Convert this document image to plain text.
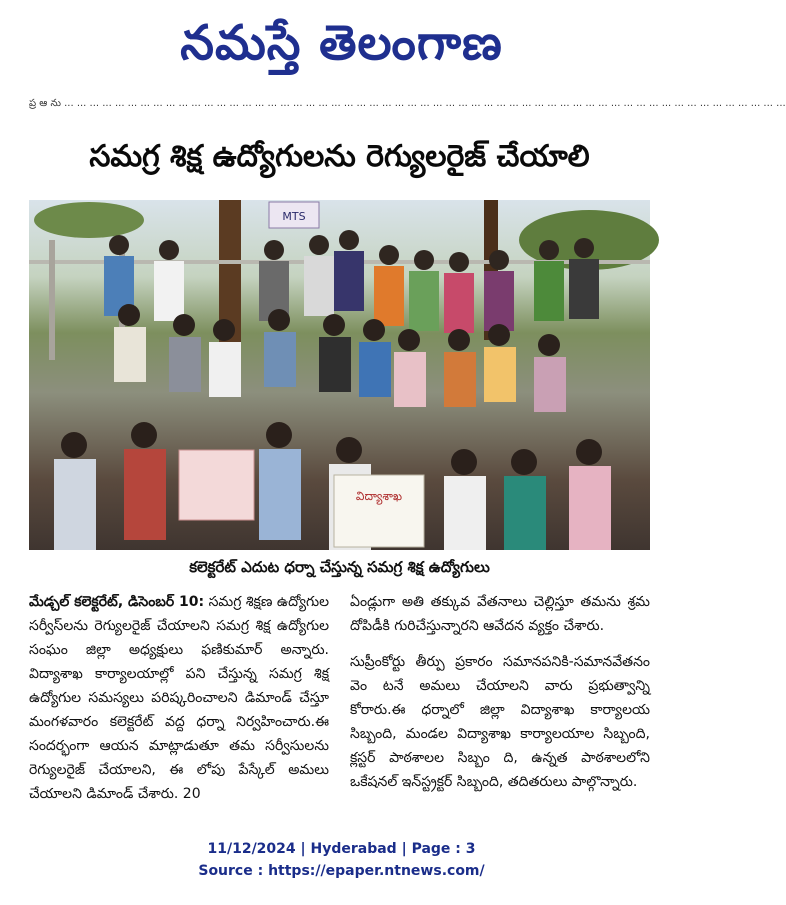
నమస్తే తెలంగాణ
ప్ర ఆ ను ... ... ... ... ... ... ... ... ... ... ... ... ... ... ... ... ... ... ... ... ... ... ... ... ... ... ... ... ... ... ... ... ... ... ... ... ... ... ... ... ... ... ... ... ... ... ... ... ... ... ... ... ... ... ... ... ...
సమగ్ర శిక్ష ఉద్యోగులను రెగ్యులరైజ్ చేయాలి
విద్యాశాఖ
MTS
కలెక్టరేట్ ఎదుట ధర్నా చేస్తున్న సమగ్ర శిక్ష ఉద్యోగులు

మేడ్చల్ కలెక్టరేట్, డిసెంబర్ 10: సమగ్ర శిక్షణ ఉద్యోగుల సర్వీస్‌లను రెగ్యులరైజ్ చేయాలని సమగ్ర శిక్ష ఉద్యోగుల సంఘం జిల్లా అధ్యక్షులు ఫణికుమార్ అన్నారు. విద్యాశాఖ కార్యాలయాల్లో పని చేస్తున్న సమగ్ర శిక్ష ఉద్యోగుల సమస్యలు పరిష్కరించాలని డిమాండ్ చేస్తూ మంగళవారం కలెక్టరేట్ వద్ద ధర్నా నిర్వహించారు.ఈ సందర్భంగా ఆయన మాట్లాడుతూ తమ సర్వీసులను రెగ్యులరైజ్ చేయాలని, ఈ లోపు పేస్కేల్ అమలు చేయాలని డిమాండ్ చేశారు. 20

ఏండ్లుగా అతి తక్కువ వేతనాలు చెల్లిస్తూ తమను శ్రమ దోపిడీకి గురిచేస్తున్నారని ఆవేదన వ్యక్తం చేశారు.

సుప్రీంకోర్టు తీర్పు ప్రకారం సమానపనికి-సమానవేతనం వెం టనే అమలు చేయాలని వారు ప్రభుత్వాన్ని కోరారు.ఈ ధర్నాలో జిల్లా విద్యాశాఖ కార్యాలయ సిబ్బంది, మండల విద్యాశాఖ కార్యాలయాల సిబ్బంది, క్లస్టర్ పాఠశాలల సిబ్బం ది, ఉన్నత పాఠశాలలోని ఒకేషనల్ ఇన్‌స్ట్రక్టర్ సిబ్బంది, తదితరులు పాల్గొన్నారు.

11/12/2024 | Hyderabad | Page : 3
Source : https://epaper.ntnews.com/
